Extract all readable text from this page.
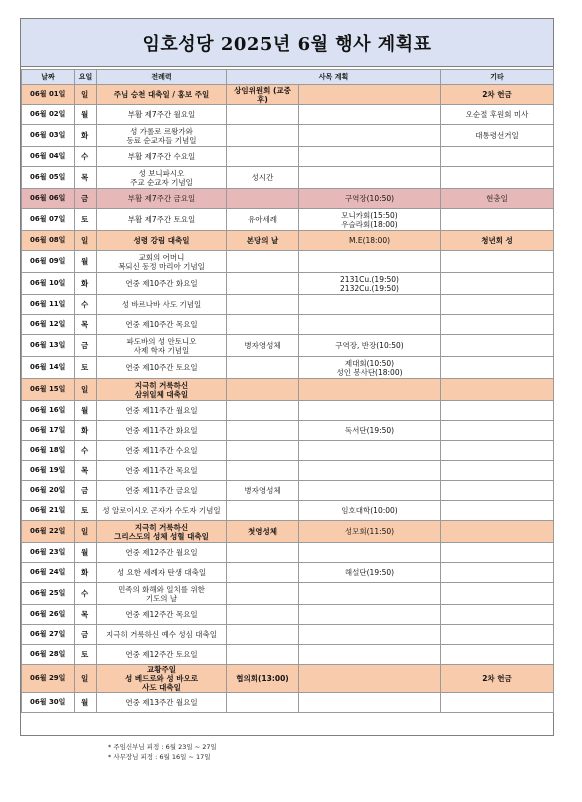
임호성당 2025년 6월 행사 계획표
날짜	요일	전례력	사목 계획		기타
06월 01일	일	주님 승천 대축일 / 홍보 주일	상임위원회 (교중 후)		2차 헌금
06월 02일	월	부활 제7주간 월요일			오순절 후원회 미사
06월 03일	화	성 가롤로 르왕가와
동료 순교자들 기념일			대통령선거일
06월 04일	수	부활 제7주간 수요일			
06월 05일	목	성 보니파시오
주교 순교자 기념일	성시간		
06월 06일	금	부활 제7주간 금요일		구역장(10:50)	현충일
06월 07일	토	부활 제7주간 토요일	유아세례	모니카회(15:50)
우슬라회(18:00)	
06월 08일	일	성령 강림 대축일	본당의 날	M.E(18:00)	청년회 성
06월 09일	월	교회의 어머니
복되신 동정 마리아 기념일			
06월 10일	화	연중 제10주간 화요일		2131Cu.(19:50)
2132Cu.(19:50)	
06월 11일	수	성 바르나바 사도 기념일			
06월 12일	목	연중 제10주간 목요일			
06월 13일	금	파도바의 성 안토니오
사제 학자 기념일	병자영성체	구역장, 반장(10:50)	
06월 14일	토	연중 제10주간 토요일		제대회(10:50)
성인 봉사단(18:00)	
06월 15일	일	지극히 거룩하신
삼위일체 대축일			
06월 16일	월	연중 제11주간 월요일			
06월 17일	화	연중 제11주간 화요일		독서단(19:50)	
06월 18일	수	연중 제11주간 수요일			
06월 19일	목	연중 제11주간 목요일			
06월 20일	금	연중 제11주간 금요일	병자영성체		
06월 21일	토	성 알로이시오 곤자가 수도자 기념일		임호대학(10:00)	
06월 22일	일	지극히 거룩하신
그리스도의 성체 성혈 대축일	첫영성체	성모회(11:50)	
06월 23일	월	연중 제12주간 월요일			
06월 24일	화	성 요한 세례자 탄생 대축일		해설단(19:50)	
06월 25일	수	민족의 화해와 일치를 위한
기도의 날			
06월 26일	목	연중 제12주간 목요일			
06월 27일	금	지극히 거룩하신 예수 성심 대축일			
06월 28일	토	연중 제12주간 토요일			
06월 29일	일	교황주일
성 베드로와 성 바오로
사도 대축일	협의회(13:00)		2차 헌금
06월 30일	월	연중 제13주간 월요일			
* 주임신부님 피정 : 6월 23일 ~ 27일
* 사무장님 피정 : 6월 16일 ~ 17일
